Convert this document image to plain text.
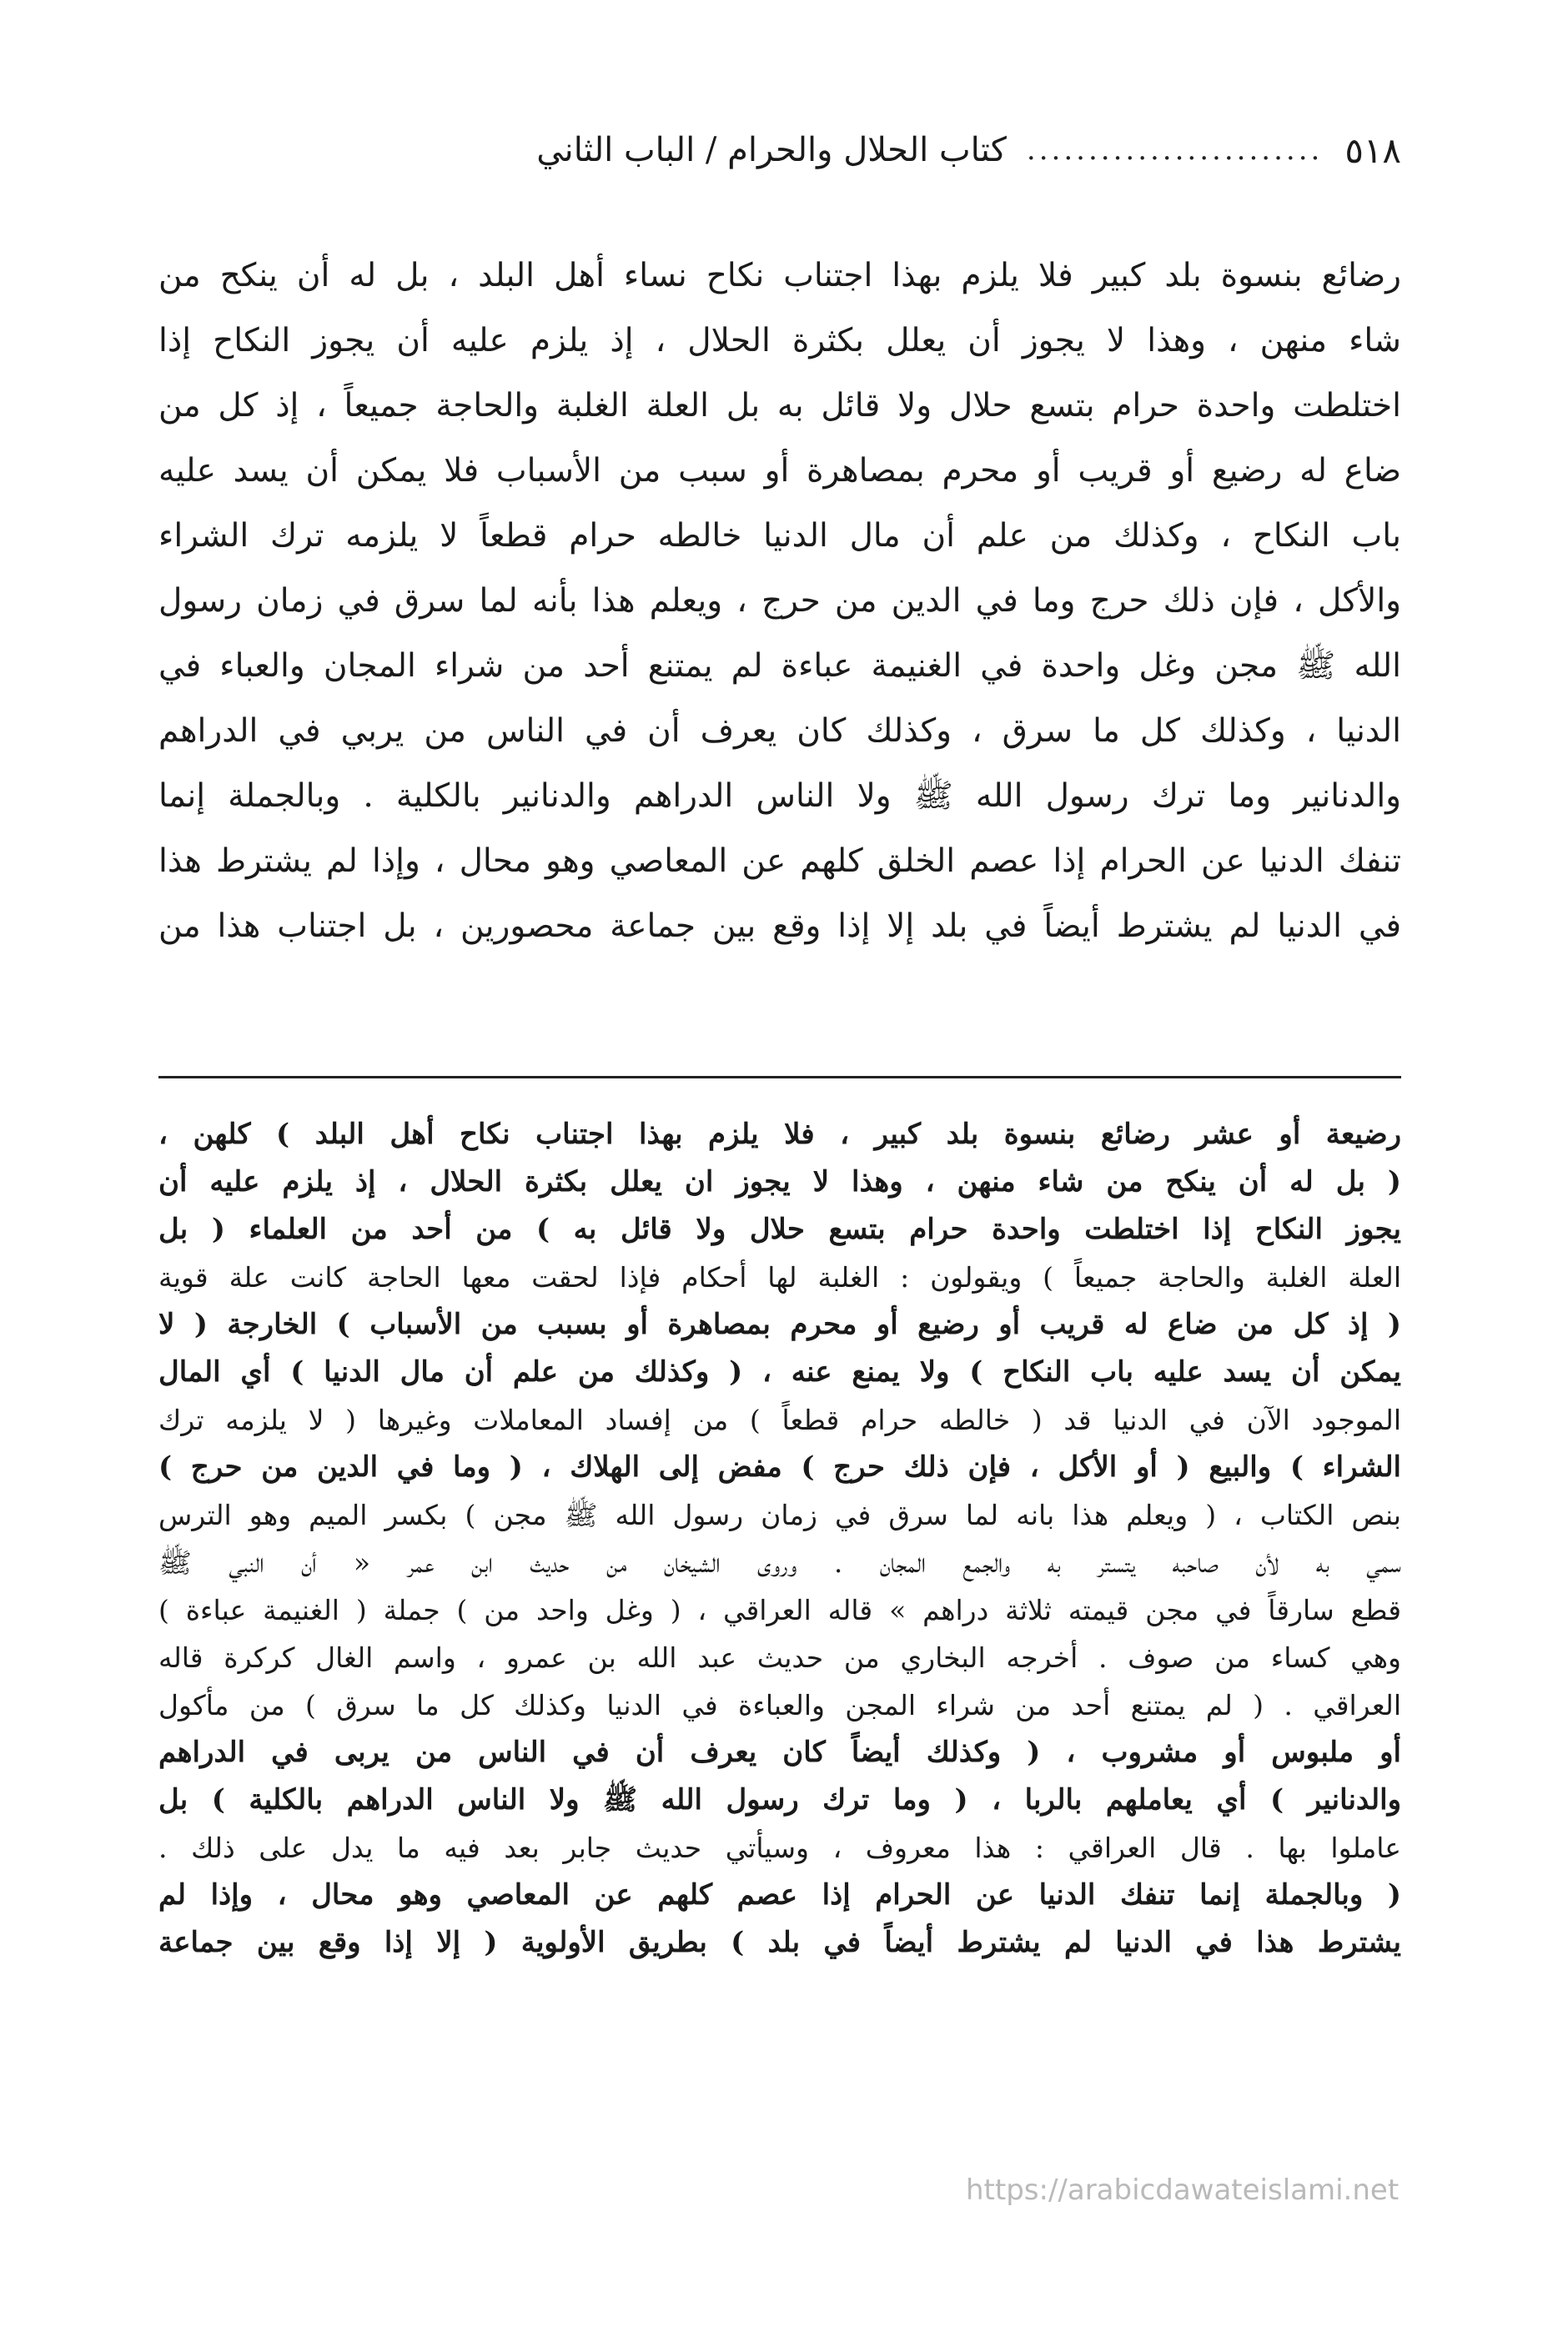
٥١٨
........................
كتاب الحلال والحرام / الباب الثاني
رضائع بنسوة بلد كبير فلا يلزم بهذا اجتناب نكاح نساء أهل البلد ، بل له أن ينكح من
شاء منهن ، وهذا لا يجوز أن يعلل بكثرة الحلال ، إذ يلزم عليه أن يجوز النكاح إذا
اختلطت واحدة حرام بتسع حلال ولا قائل به بل العلة الغلبة والحاجة جميعاً ، إذ كل من
ضاع له رضيع أو قريب أو محرم بمصاهرة أو سبب من الأسباب فلا يمكن أن يسد عليه
باب النكاح ، وكذلك من علم أن مال الدنيا خالطه حرام قطعاً لا يلزمه ترك الشراء
والأكل ، فإن ذلك حرج وما في الدين من حرج ، ويعلم هذا بأنه لما سرق في زمان رسول
الله ﷺ مجن وغل واحدة في الغنيمة عباءة لم يمتنع أحد من شراء المجان والعباء في
الدنيا ، وكذلك كل ما سرق ، وكذلك كان يعرف أن في الناس من يربي في الدراهم
والدنانير وما ترك رسول الله ﷺ ولا الناس الدراهم والدنانير بالكلية . وبالجملة إنما
تنفك الدنيا عن الحرام إذا عصم الخلق كلهم عن المعاصي وهو محال ، وإذا لم يشترط هذا
في الدنيا لم يشترط أيضاً في بلد إلا إذا وقع بين جماعة محصورين ، بل اجتناب هذا من
رضيعة أو عشر رضائع بنسوة بلد كبير ، فلا يلزم بهذا اجتناب نكاح أهل البلد ) كلهن ،
( بل له أن ينكح من شاء منهن ، وهذا لا يجوز ان يعلل بكثرة الحلال ، إذ يلزم عليه أن
يجوز النكاح إذا اختلطت واحدة حرام بتسع حلال ولا قائل به ) من أحد من العلماء ( بل
العلة الغلبة والحاجة جميعاً ) ويقولون : الغلبة لها أحكام فإذا لحقت معها الحاجة كانت علة قوية
( إذ كل من ضاع له قريب أو رضيع أو محرم بمصاهرة أو بسبب من الأسباب ) الخارجة ( لا
يمكن أن يسد عليه باب النكاح ) ولا يمنع عنه ، ( وكذلك من علم أن مال الدنيا ) أي المال
الموجود الآن في الدنيا قد ( خالطه حرام قطعاً ) من إفساد المعاملات وغيرها ( لا يلزمه ترك
الشراء ) والبيع ( أو الأكل ، فإن ذلك حرج ) مفض إلى الهلاك ، ( وما في الدين من حرج )
بنص الكتاب ، ( ويعلم هذا بانه لما سرق في زمان رسول الله ﷺ مجن ) بكسر الميم وهو الترس
سمي به لأن صاحبه يتستر به والجمع المجان . وروى الشيخان من حديث ابن عمر « أن النبي ﷺ
قطع سارقاً في مجن قيمته ثلاثة دراهم » قاله العراقي ، ( وغل واحد من ) جملة ( الغنيمة عباءة )
وهي كساء من صوف . أخرجه البخاري من حديث عبد الله بن عمرو ، واسم الغال كركرة قاله
العراقي . ( لم يمتنع أحد من شراء المجن والعباءة في الدنيا وكذلك كل ما سرق ) من مأكول
أو ملبوس أو مشروب ، ( وكذلك أيضاً كان يعرف أن في الناس من يربى في الدراهم
والدنانير ) أي يعاملهم بالربا ، ( وما ترك رسول الله ﷺ ولا الناس الدراهم بالكلية ) بل
عاملوا بها . قال العراقي : هذا معروف ، وسيأتي حديث جابر بعد فيه ما يدل على ذلك .
( وبالجملة إنما تنفك الدنيا عن الحرام إذا عصم كلهم عن المعاصي وهو محال ، وإذا لم
يشترط هذا في الدنيا لم يشترط أيضاً في بلد ) بطريق الأولوية ( إلا إذا وقع بين جماعة
https://arabicdawateislami.net
